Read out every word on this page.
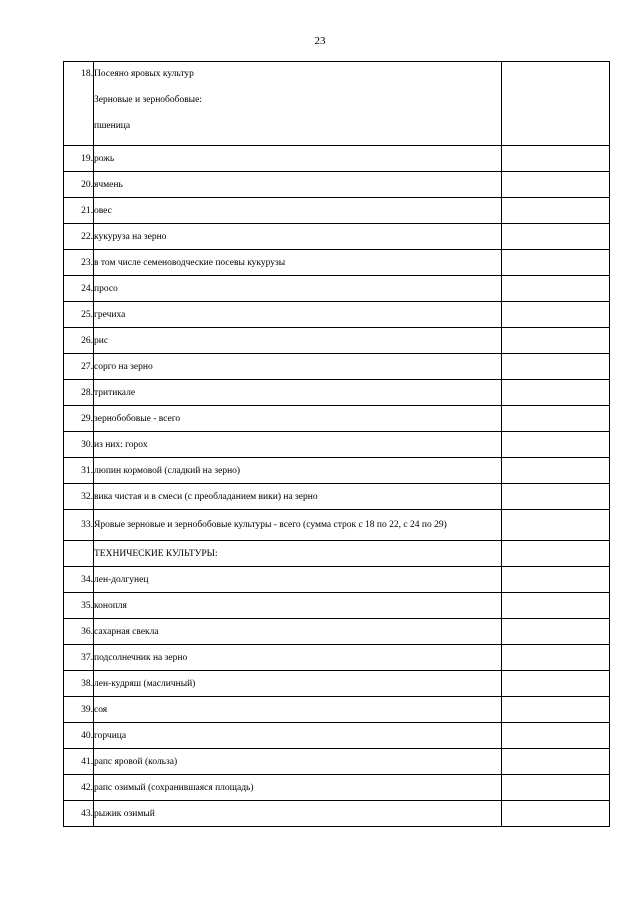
23
18.	Посеяно яровых культур
Зерновые и зернобобовые:
пшеница	

19.	рожь	
20.	ячмень	
21.	овес	
22.	кукуруза на зерно	
23.	в том числе семеноводческие посевы кукурузы	
24.	просо	
25.	гречиха	
26.	рис	
27.	сорго на зерно	
28.	тритикале	
29.	зернобобовые - всего	
30.	из них: горох	
31.	люпин кормовой (сладкий на зерно)	
32.	вика чистая и в смеси (с преобладанием вики) на зерно	
33.	Яровые зерновые и зернобобовые культуры - всего (сумма строк с 18 по 22, с 24 по 29)	
	ТЕХНИЧЕСКИЕ КУЛЬТУРЫ:	
34.	лен-долгунец	
35.	конопля	
36.	сахарная свекла	
37.	подсолнечник на зерно	
38.	лен-кудряш (масличный)	
39.	соя	
40.	горчица	
41.	рапс яровой (кольза)	
42.	рапс озимый (сохранившаяся площадь)	
43.	рыжик озимый	
